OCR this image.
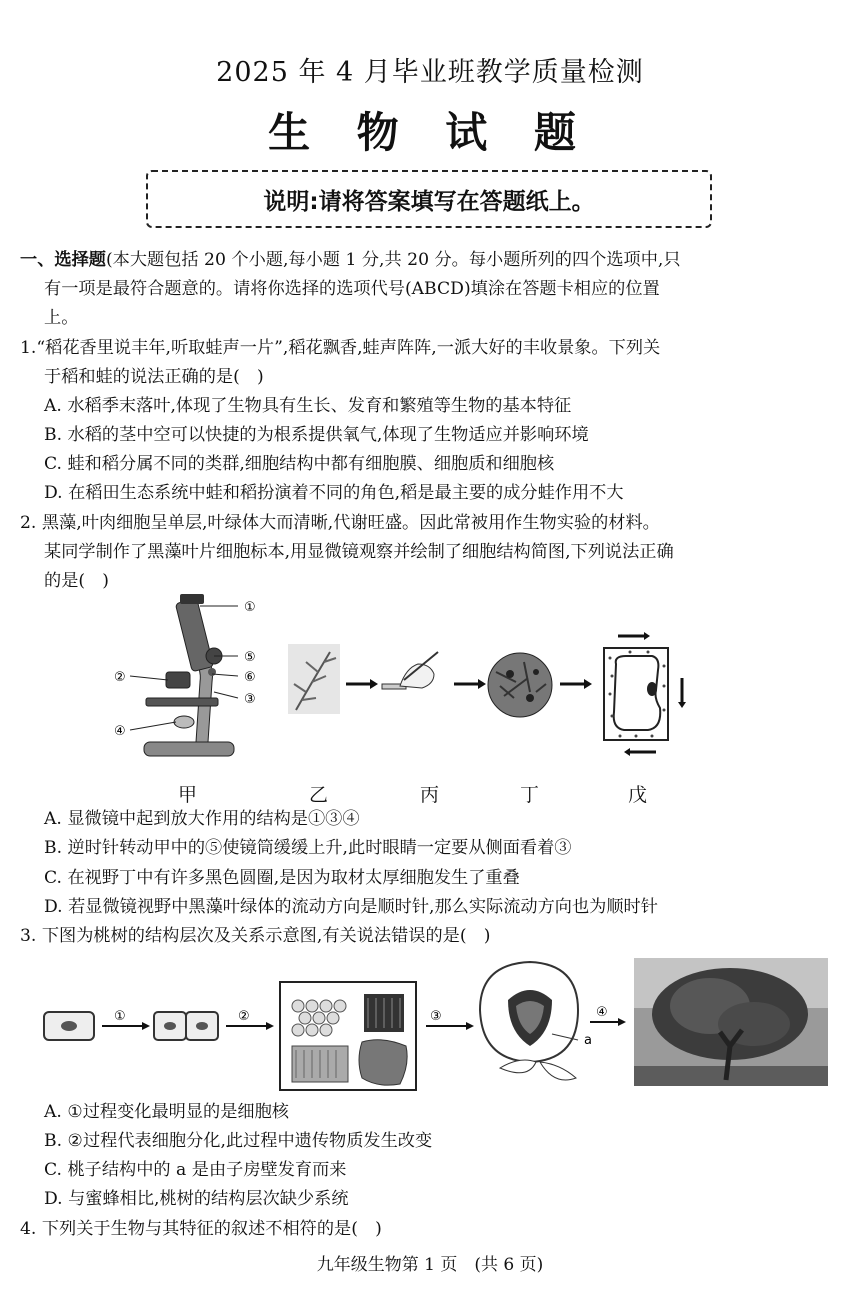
2025 年 4 月毕业班教学质量检测
生 物 试 题
说明:请将答案填写在答题纸上。
一、选择题(本大题包括 20 个小题,每小题 1 分,共 20 分。每小题所列的四个选项中,只
有一项是最符合题意的。请将你选择的选项代号(ABCD)填涂在答题卡相应的位置
上。
1.“稻花香里说丰年,听取蛙声一片”,稻花飘香,蛙声阵阵,一派大好的丰收景象。下列关
于稻和蛙的说法正确的是(　)
A. 水稻季末落叶,体现了生物具有生长、发育和繁殖等生物的基本特征
B. 水稻的茎中空可以快捷的为根系提供氧气,体现了生物适应并影响环境
C. 蛙和稻分属不同的类群,细胞结构中都有细胞膜、细胞质和细胞核
D. 在稻田生态系统中蛙和稻扮演着不同的角色,稻是最主要的成分蛙作用不大
2. 黑藻,叶肉细胞呈单层,叶绿体大而清晰,代谢旺盛。因此常被用作生物实验的材料。
某同学制作了黑藻叶片细胞标本,用显微镜观察并绘制了细胞结构简图,下列说法正确
的是(　)
①
⑤
⑥
③
②
④
甲	乙	丙	丁	戊
A. 显微镜中起到放大作用的结构是①③④
B. 逆时针转动甲中的⑤使镜筒缓缓上升,此时眼睛一定要从侧面看着③
C. 在视野丁中有许多黑色圆圈,是因为取材太厚细胞发生了重叠
D. 若显微镜视野中黑藻叶绿体的流动方向是顺时针,那么实际流动方向也为顺时针
3. 下图为桃树的结构层次及关系示意图,有关说法错误的是(　)
①	②	③
a
④
A. ①过程变化最明显的是细胞核
B. ②过程代表细胞分化,此过程中遗传物质发生改变
C. 桃子结构中的 a 是由子房壁发育而来
D. 与蜜蜂相比,桃树的结构层次缺少系统
4. 下列关于生物与其特征的叙述不相符的是(　)
九年级生物第 1 页　(共 6 页)
